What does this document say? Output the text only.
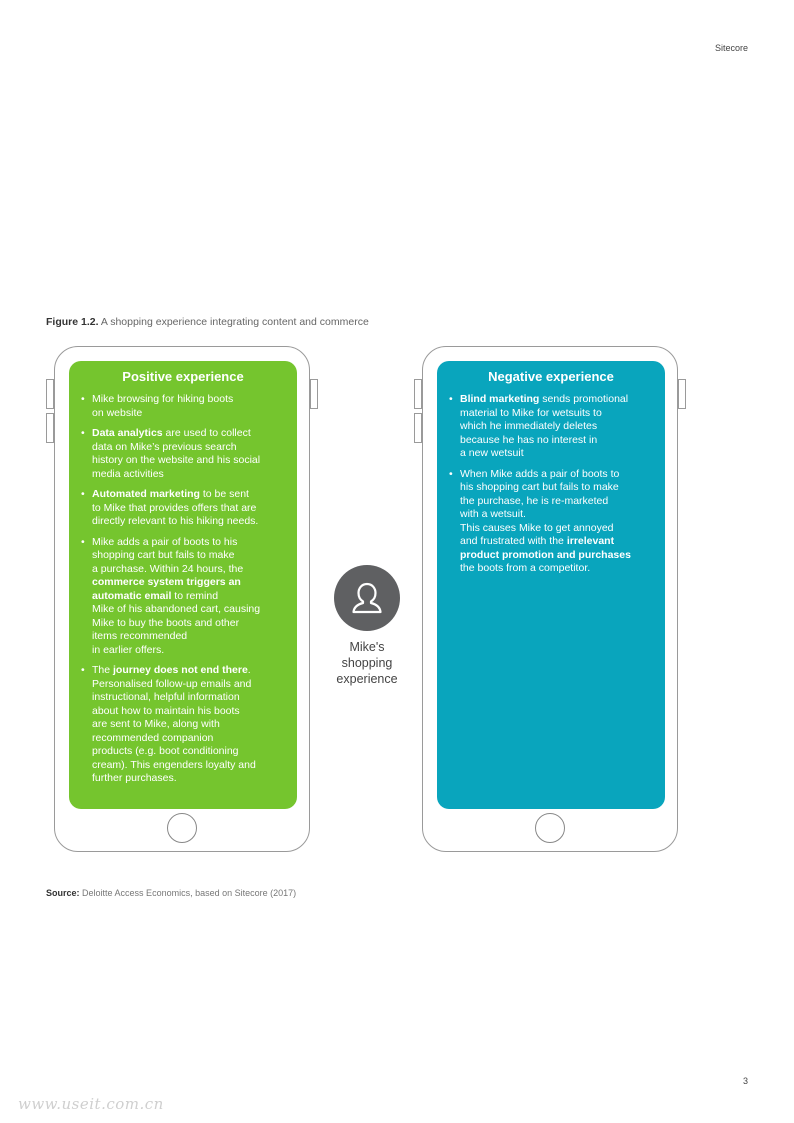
Sitecore
Figure 1.2. A shopping experience integrating content and commerce
Positive experience
• Mike browsing for hiking boots
on website
• Data analytics are used to collect
data on Mike’s previous search
history on the website and his social
media activities
• Automated marketing to be sent
to Mike that provides offers that are
directly relevant to his hiking needs.
• Mike adds a pair of boots to his
shopping cart but fails to make
a purchase. Within 24 hours, the
commerce system triggers an
automatic email to remind
Mike of his abandoned cart, causing
Mike to buy the boots and other
items recommended
in earlier offers.
• The journey does not end there.
Personalised follow-up emails and
instructional, helpful information
about how to maintain his boots
are sent to Mike, along with
recommended companion
products (e.g. boot conditioning
cream). This engenders loyalty and
further purchases.
Mike's
shopping
experience
Negative experience
• Blind marketing sends promotional
material to Mike for wetsuits to
which he immediately deletes
because he has no interest in
a new wetsuit
• When Mike adds a pair of boots to
his shopping cart but fails to make
the purchase, he is re-marketed
with a wetsuit.
This causes Mike to get annoyed
and frustrated with the irrelevant
product promotion and purchases
the boots from a competitor.
Source: Deloitte Access Economics, based on Sitecore (2017)
3
www.useit.com.cn
